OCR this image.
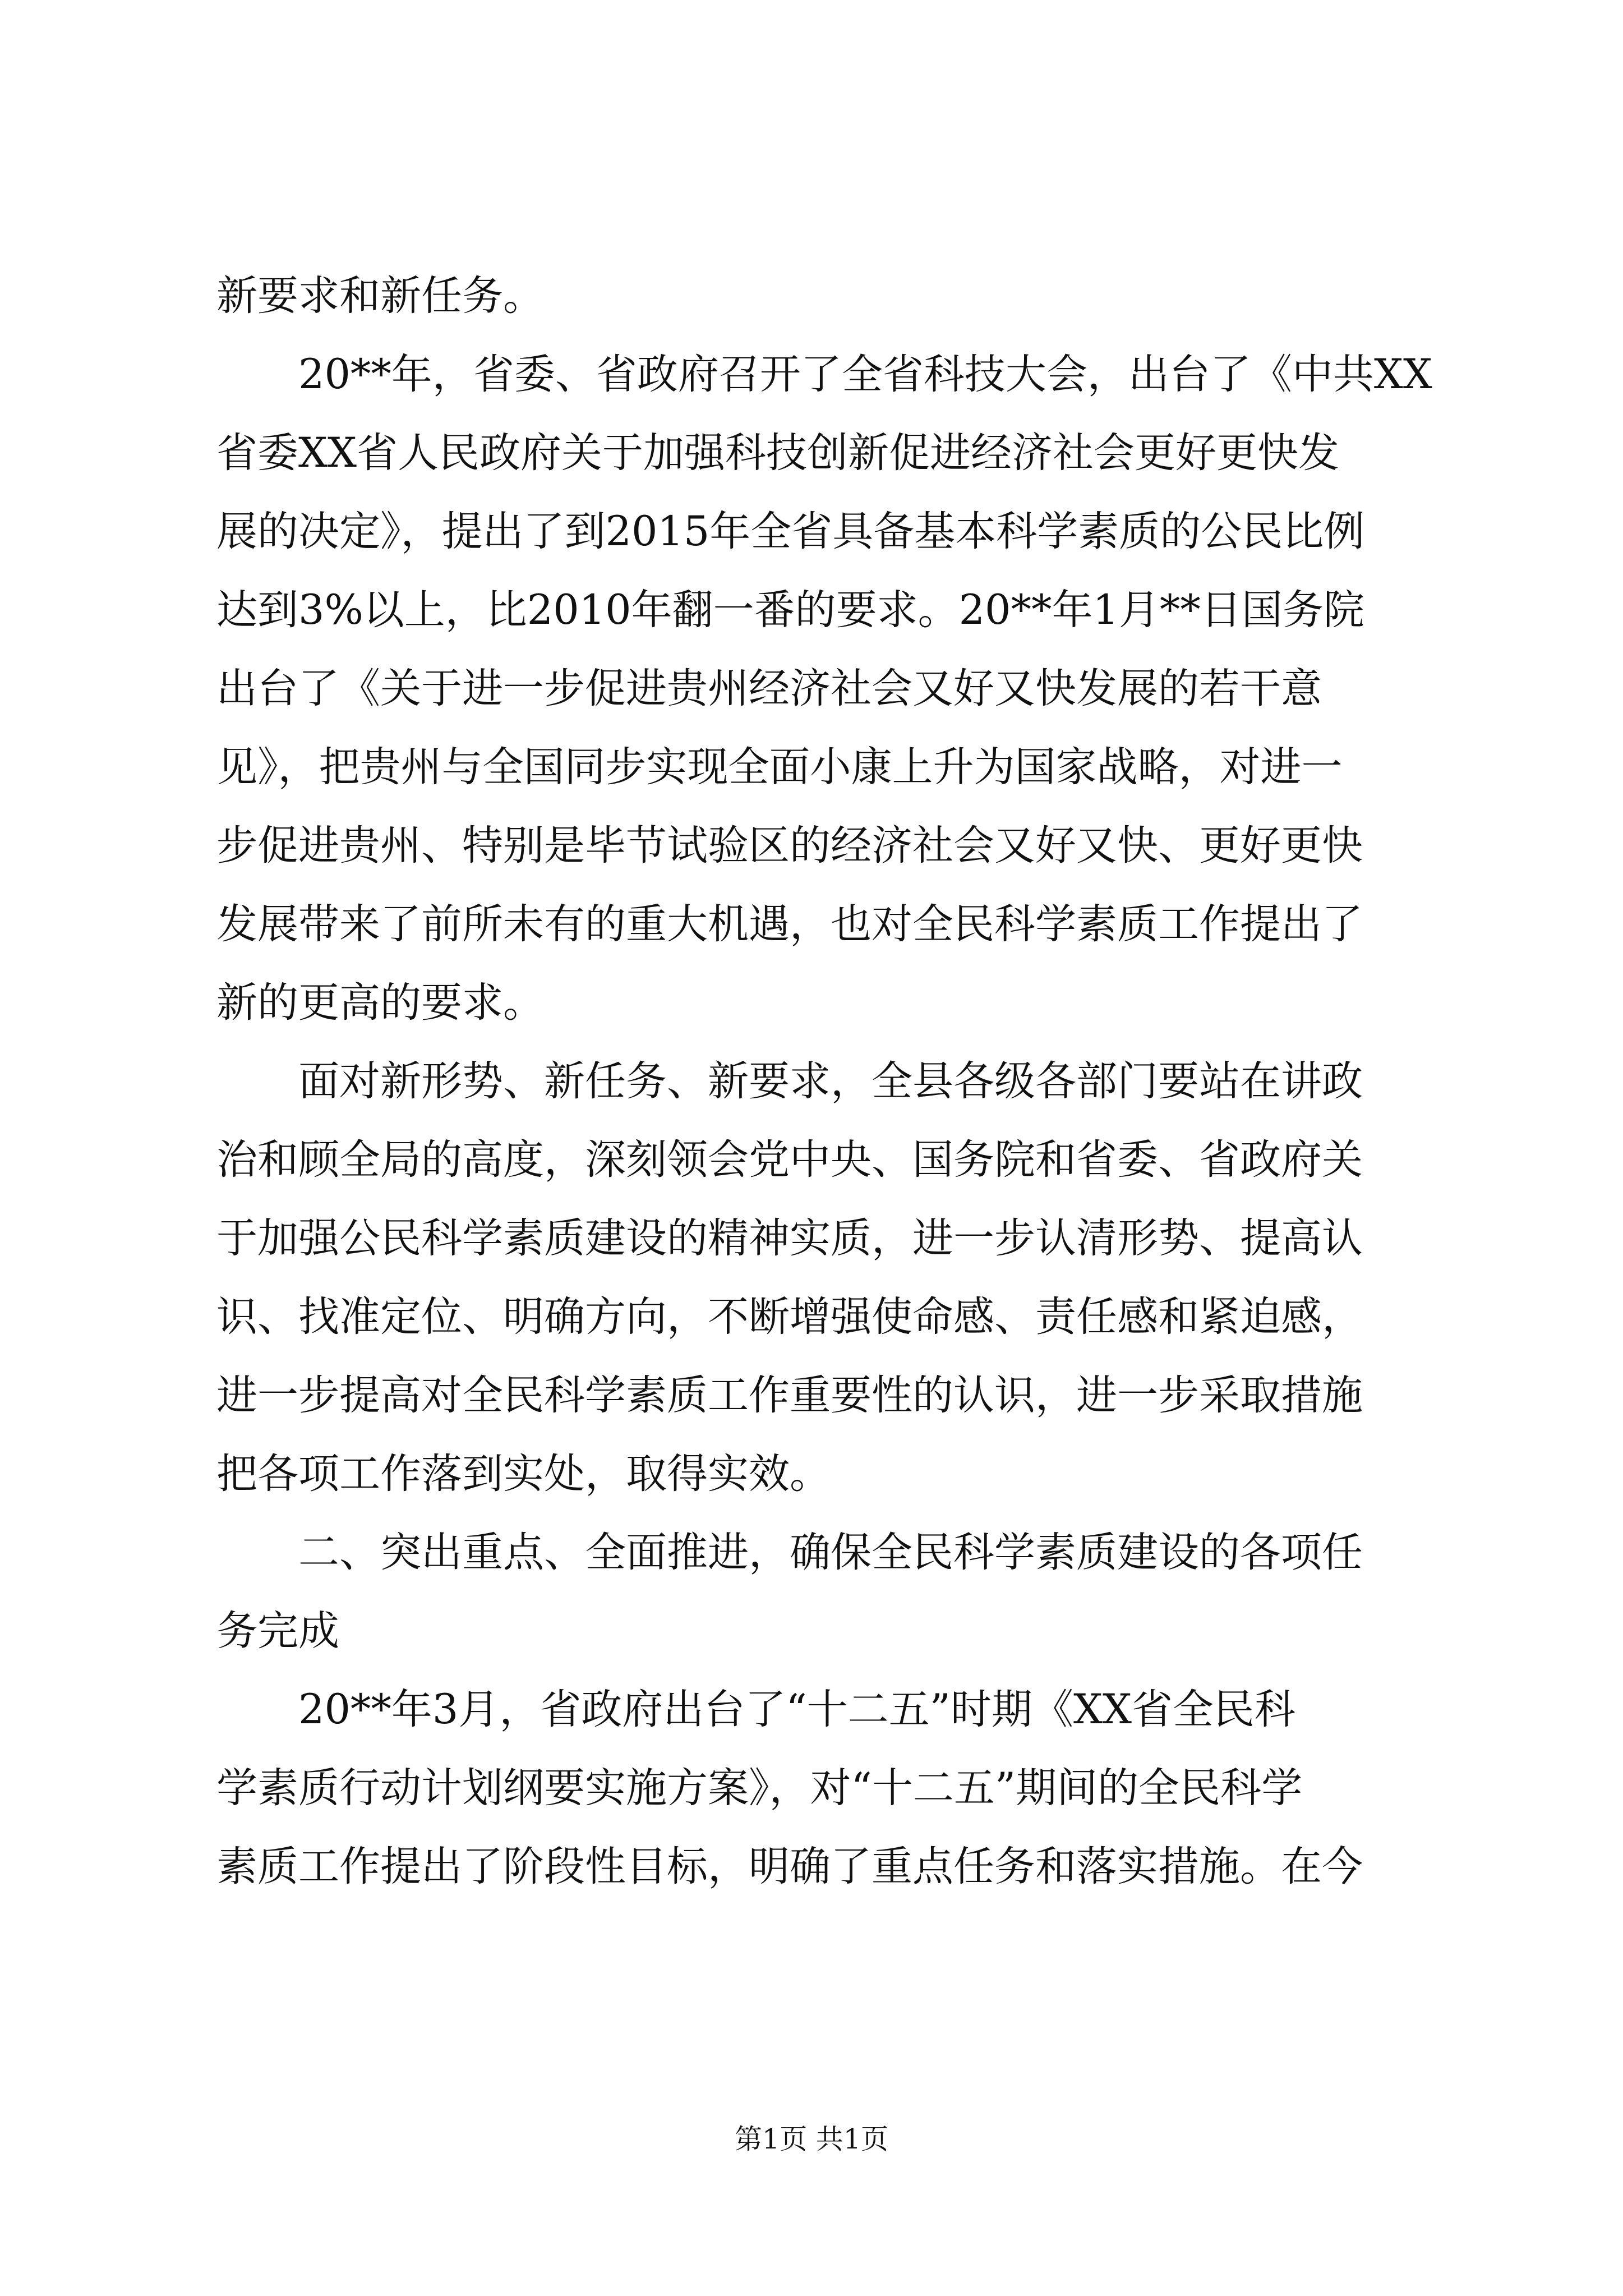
新要求和新任务。
　　20**年，省委、省政府召开了全省科技大会，出台了《中共XX
省委XX省人民政府关于加强科技创新促进经济社会更好更快发
展的决定》，提出了到2015年全省具备基本科学素质的公民比例
达到3%以上，比2010年翻一番的要求。20**年1月**日国务院
出台了《关于进一步促进贵州经济社会又好又快发展的若干意
见》，把贵州与全国同步实现全面小康上升为国家战略，对进一
步促进贵州、特别是毕节试验区的经济社会又好又快、更好更快
发展带来了前所未有的重大机遇，也对全民科学素质工作提出了
新的更高的要求。
　　面对新形势、新任务、新要求，全县各级各部门要站在讲政
治和顾全局的高度，深刻领会党中央、国务院和省委、省政府关
于加强公民科学素质建设的精神实质，进一步认清形势、提高认
识、找准定位、明确方向，不断增强使命感、责任感和紧迫感，
进一步提高对全民科学素质工作重要性的认识，进一步采取措施
把各项工作落到实处，取得实效。
　　二、突出重点、全面推进，确保全民科学素质建设的各项任
务完成
　　20**年3月，省政府出台了“十二五”时期《XX省全民科
学素质行动计划纲要实施方案》，对“十二五”期间的全民科学
素质工作提出了阶段性目标，明确了重点任务和落实措施。在今
第1页 共1页
